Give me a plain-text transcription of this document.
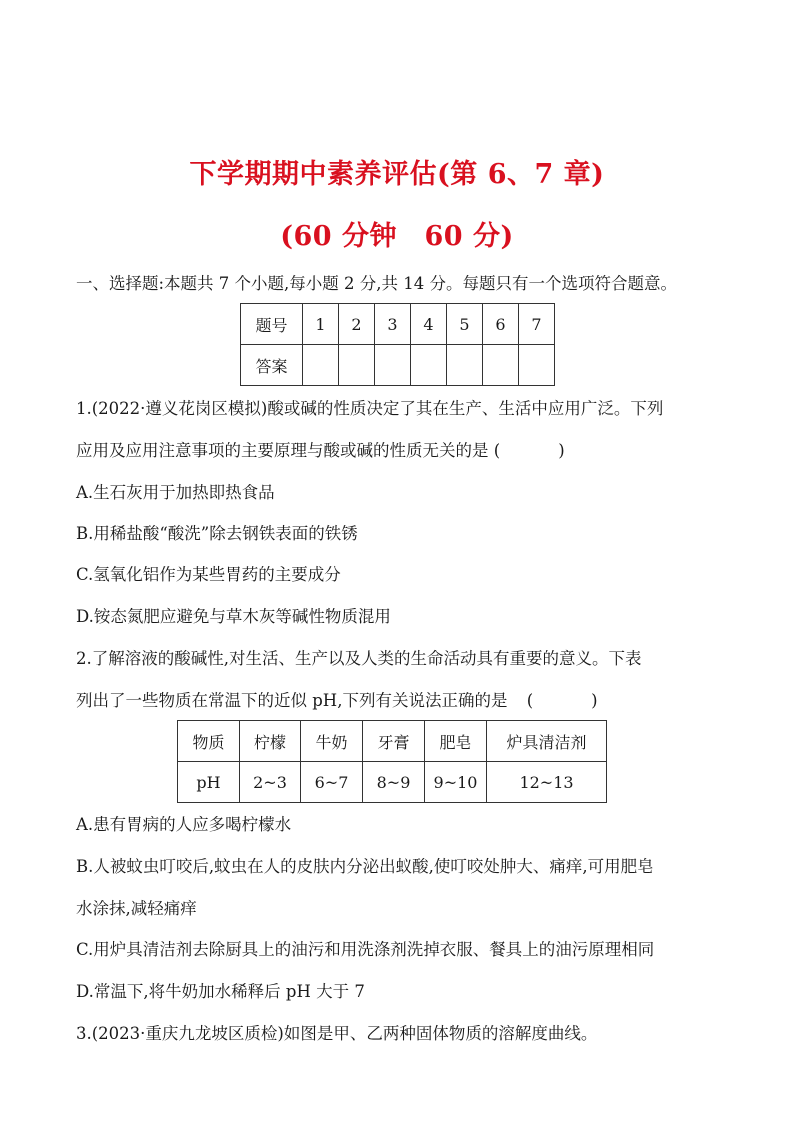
下学期期中素养评估(第 6、7 章)
(60 分钟　60 分)
一、选择题:本题共 7 个小题,每小题 2 分,共 14 分。每题只有一个选项符合题意。
题号	1	2	3	4	5	6	7
答案							
1.(2022·遵义花岗区模拟)酸或碱的性质决定了其在生产、生活中应用广泛。下列
应用及应用注意事项的主要原理与酸或碱的性质无关的是 (	)
A.生石灰用于加热即热食品
B.用稀盐酸“酸洗”除去钢铁表面的铁锈
C.氢氧化铝作为某些胃药的主要成分
D.铵态氮肥应避免与草木灰等碱性物质混用
2.了解溶液的酸碱性,对生活、生产以及人类的生命活动具有重要的意义。下表
列出了一些物质在常温下的近似 pH,下列有关说法正确的是 (	)
物质	柠檬	牛奶	牙膏	肥皂	炉具清洁剂
pH	2~3	6~7	8~9	9~10	12~13
A.患有胃病的人应多喝柠檬水
B.人被蚊虫叮咬后,蚊虫在人的皮肤内分泌出蚁酸,使叮咬处肿大、痛痒,可用肥皂
水涂抹,减轻痛痒
C.用炉具清洁剂去除厨具上的油污和用洗涤剂洗掉衣服、餐具上的油污原理相同
D.常温下,将牛奶加水稀释后 pH 大于 7
3.(2023·重庆九龙坡区质检)如图是甲、乙两种固体物质的溶解度曲线。
